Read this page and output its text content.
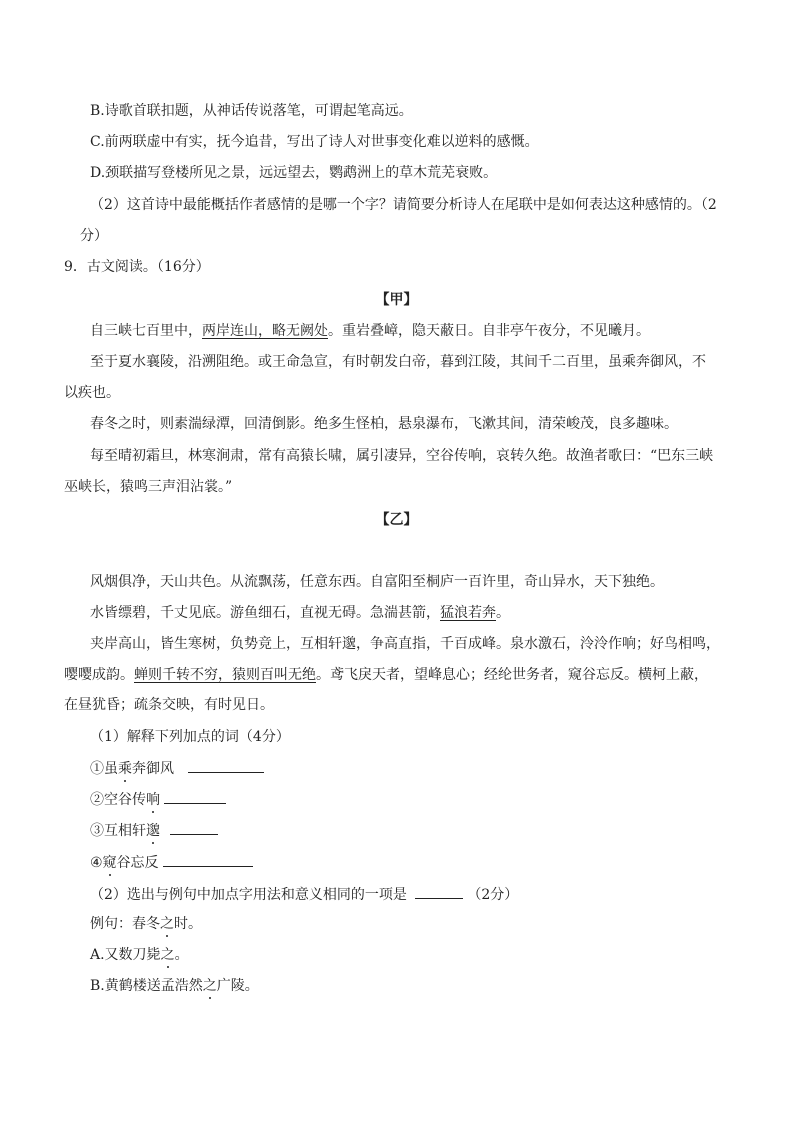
B.诗歌首联扣题，从神话传说落笔，可谓起笔高远。
C.前两联虚中有实，抚今追昔，写出了诗人对世事变化难以逆料的感慨。
D.颈联描写登楼所见之景，远远望去，鹦鹉洲上的草木荒芜衰败。
（2）这首诗中最能概括作者感情的是哪一个字？请简要分析诗人在尾联中是如何表达这种感情的。（2
分）
9．古文阅读。（16分）
【甲】
自三峡七百里中，两岸连山，略无阙处。重岩叠嶂，隐天蔽日。自非亭午夜分，不见曦月。
至于夏水襄陵，沿溯阻绝。或王命急宣，有时朝发白帝，暮到江陵，其间千二百里，虽乘奔御风，不
以疾也。
春冬之时，则素湍绿潭，回清倒影。绝多生怪柏，悬泉瀑布，飞漱其间，清荣峻茂，良多趣味。
每至晴初霜旦，林寒涧肃，常有高猿长啸，属引凄异，空谷传响，哀转久绝。故渔者歌曰：“巴东三峡
巫峡长，猿鸣三声泪沾裳。”
【乙】
风烟俱净，天山共色。从流飘荡，任意东西。自富阳至桐庐一百许里，奇山异水，天下独绝。
水皆缥碧，千丈见底。游鱼细石，直视无碍。急湍甚箭，猛浪若奔。
夹岸高山，皆生寒树，负势竞上，互相轩邈，争高直指，千百成峰。泉水激石，泠泠作响；好鸟相鸣，
嘤嘤成韵。蝉则千转不穷，猿则百叫无绝。鸢飞戾天者，望峰息心；经纶世务者，窥谷忘反。横柯上蔽，
在昼犹昏；疏条交映，有时见日。
（1）解释下列加点的词（4分）
①虽乘奔御风
②空谷传响
③互相轩邈
④窥谷忘反
（2）选出与例句中加点字用法和意义相同的一项是	（2分）
例句：春冬之时。
A.又数刀毙之。
B.黄鹤楼送孟浩然之广陵。
